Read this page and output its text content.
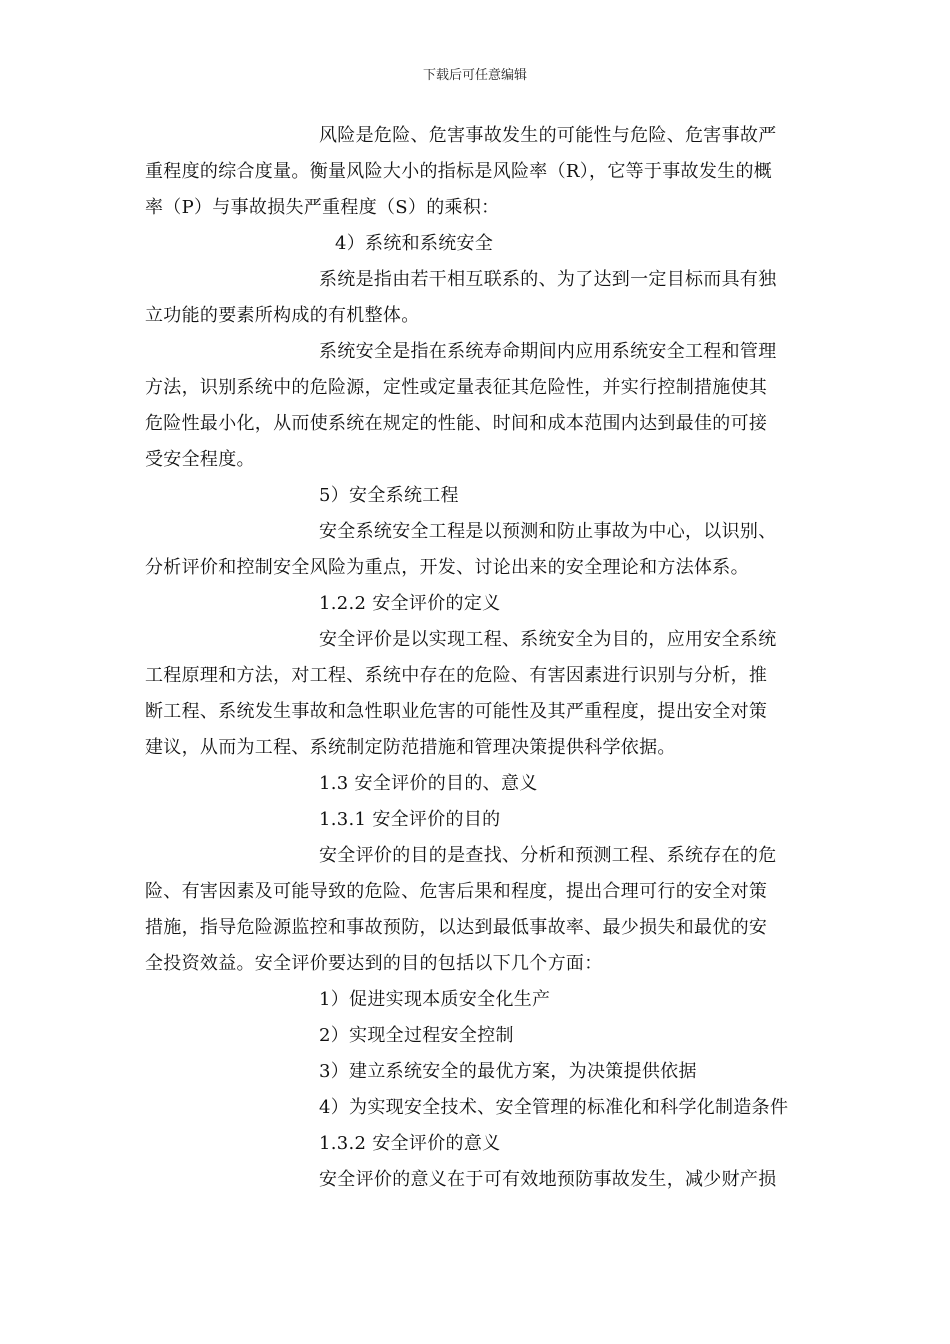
下载后可任意编辑
风险是危险、危害事故发生的可能性与危险、危害事故严
重程度的综合度量。衡量风险大小的指标是风险率（R），它等于事故发生的概
率（P）与事故损失严重程度（S）的乘积：
4）系统和系统安全
系统是指由若干相互联系的、为了达到一定目标而具有独
立功能的要素所构成的有机整体。
系统安全是指在系统寿命期间内应用系统安全工程和管理
方法，识别系统中的危险源，定性或定量表征其危险性，并实行控制措施使其
危险性最小化，从而使系统在规定的性能、时间和成本范围内达到最佳的可接
受安全程度。
5）安全系统工程
安全系统安全工程是以预测和防止事故为中心，以识别、
分析评价和控制安全风险为重点，开发、讨论出来的安全理论和方法体系。
1.2.2 安全评价的定义
安全评价是以实现工程、系统安全为目的，应用安全系统
工程原理和方法，对工程、系统中存在的危险、有害因素进行识别与分析，推
断工程、系统发生事故和急性职业危害的可能性及其严重程度，提出安全对策
建议，从而为工程、系统制定防范措施和管理决策提供科学依据。
1.3 安全评价的目的、意义
1.3.1 安全评价的目的
安全评价的目的是查找、分析和预测工程、系统存在的危
险、有害因素及可能导致的危险、危害后果和程度，提出合理可行的安全对策
措施，指导危险源监控和事故预防，以达到最低事故率、最少损失和最优的安
全投资效益。安全评价要达到的目的包括以下几个方面：
1）促进实现本质安全化生产
2）实现全过程安全控制
3）建立系统安全的最优方案，为决策提供依据
4）为实现安全技术、安全管理的标准化和科学化制造条件
1.3.2 安全评价的意义
安全评价的意义在于可有效地预防事故发生，减少财产损
